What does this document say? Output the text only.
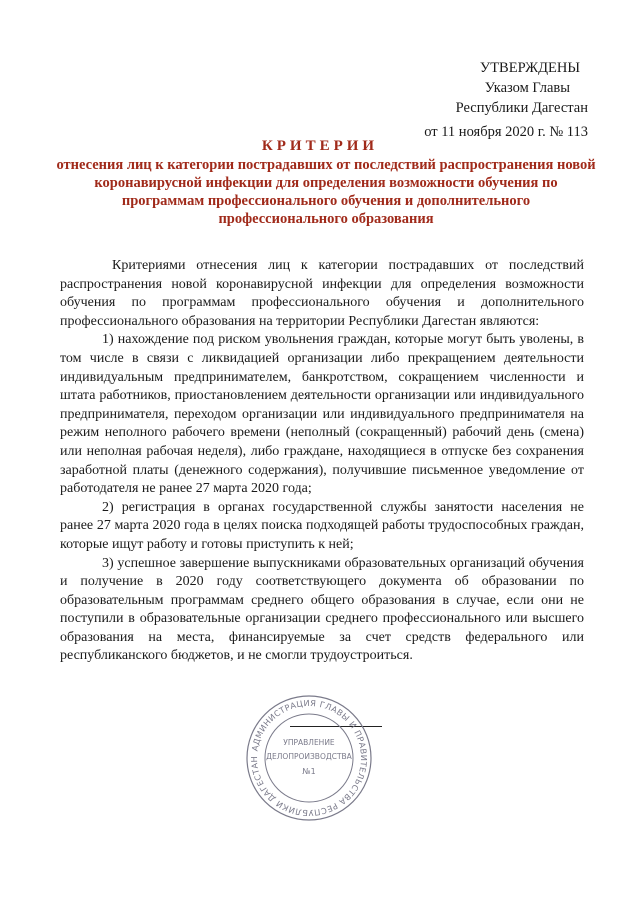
УТВЕРЖДЕНЫ
Указом Главы
Республики Дагестан
от 11 ноября 2020 г. № 113
КРИТЕРИИ
отнесения лиц к категории пострадавших от последствий распространения новой коронавирусной инфекции для определения возможности обучения по программам профессионального обучения и дополнительного профессионального образования

Критериями отнесения лиц к категории пострадавших от последствий распространения новой коронавирусной инфекции для определения возможности обучения по программам профессионального обучения и дополнительного профессионального образования на территории Республики Дагестан являются:

1) нахождение под риском увольнения граждан, которые могут быть уволены, в том числе в связи с ликвидацией организации либо прекращением деятельности индивидуальным предпринимателем, банкротством, сокращением численности и штата работников, приостановлением деятельности организации или индивидуального предпринимателя, переходом организации или индивидуального предпринимателя на режим неполного рабочего времени (неполный (сокращенный) рабочий день (смена) или неполная рабочая неделя), либо граждане, находящиеся в отпуске без сохранения заработной платы (денежного содержания), получившие письменное уведомление от работодателя не ранее 27 марта 2020 года;

2) регистрация в органах государственной службы занятости населения не ранее 27 марта 2020 года в целях поиска подходящей работы трудоспособных граждан, которые ищут работу и готовы приступить к ней;

3) успешное завершение выпускниками образовательных организаций обучения и получение в 2020 году соответствующего документа об образовании по образовательным программам среднего общего образования в случае, если они не поступили в образовательные организации среднего профессионального или высшего образования на места, финансируемые за счет средств федерального или республиканского бюджетов, и не смогли трудоустроиться.

АДМИНИСТРАЦИЯ ГЛАВЫ И ПРАВИТЕЛЬСТВА РЕСПУБЛИКИ ДАГЕСТАН
УПРАВЛЕНИЕ
ДЕЛОПРОИЗВОДСТВА
№1
